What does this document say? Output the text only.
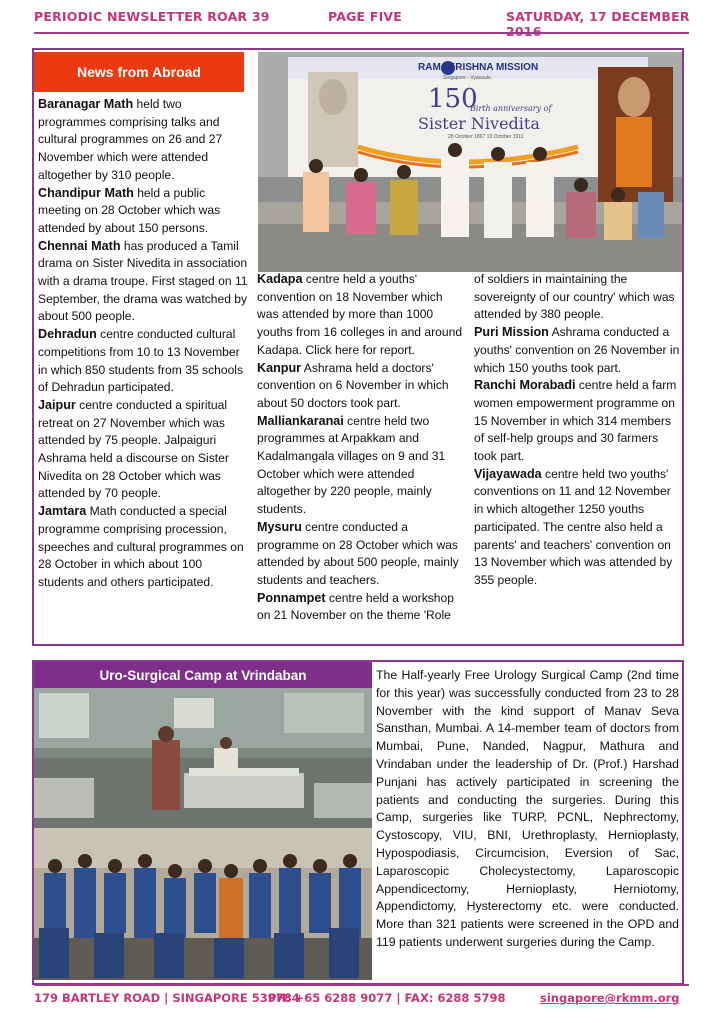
PERIODIC NEWSLETTER ROAR 39	PAGE FIVE	SATURDAY, 17 DECEMBER
News from Abroad	RAMAKRISHNA MISSION
Singapore - Vyasaulu
150
Birth anniversary of
Sister Nivedita
28 October 1867 13 October 1911

Baranagar Math held two programmes comprising talks and cultural programmes on 26 and 27 November which were attended altogether by 310 people.

Chandipur Math held a public meeting on 28 October which was attended by about 150 persons.

Chennai Math has produced a Tamil drama on Sister Nivedita in association with a drama troupe. First staged on 11 September, the drama was watched by about 500 people.

Dehradun centre conducted cultural competitions from 10 to 13 November in which 850 students from 35 schools of Dehradun participated.

Jaipur centre conducted a spiritual retreat on 27 November which was attended by 75 people. Jalpaiguri Ashrama held a discourse on Sister Nivedita on 28 October which was attended by 70 people.

Jamtara Math conducted a special programme comprising procession, speeches and cultural programmes on 28 October in which about 100 students and others participated.

Kadapa centre held a youths' convention on 18 November which was attended by more than 1000 youths from 16 colleges in and around Kadapa. Click here for report.

Kanpur Ashrama held a doctors' convention on 6 November in which about 50 doctors took part.

Malliankaranai centre held two programmes at Arpakkam and Kadalmangala villages on 9 and 31 October which were attended altogether by 220 people, mainly students.

Mysuru centre conducted a programme on 28 October which was attended by about 500 people, mainly students and teachers.

Ponnampet centre held a workshop on 21 November on the theme 'Role

of soldiers in maintaining the sovereignty of our country' which was attended by 380 people.

Puri Mission Ashrama conducted a youths' convention on 26 November in which 150 youths took part.

Ranchi Morabadi centre held a farm women empowerment programme on 15 November in which 314 members of self-help groups and 30 farmers took part.

Vijayawada centre held two youths' conventions on 11 and 12 November in which altogether 1250 youths participated. The centre also held a parents' and teachers' convention on 13 November which was attended by 355 people.

Uro-Surgical Camp at Vrindaban	The Half-yearly Free Urology Surgical Camp (2nd time for this year) was successfully conducted from 23 to 28 November with the kind support of Manav Seva Sansthan, Mumbai. A 14-member team of doctors from Mumbai, Pune, Nanded, Nagpur, Mathura and Vrindaban under the leadership of Dr. (Prof.) Harshad Punjani has actively participated in screening the patients and conducting the surgeries. During this Camp, surgeries like TURP, PCNL, Nephrectomy, Cystoscopy, VIU, BNI, Urethroplasty, Hernioplasty, Hypospodiasis, Circumcision, Eversion of Sac, Laparoscopic Cholecystectomy, Laparoscopic Appendicectomy, Hernioplasty, Herniotomy, Appendictomy, Hysterectomy etc. were conducted. More than 321 patients were screened in the OPD and 119 patients underwent surgeries during the Camp.
179 BARTLEY ROAD | SINGAPORE 539784
PH: +65 6288 9077 | FAX: 6288 5798	singapore@rkmm.org
